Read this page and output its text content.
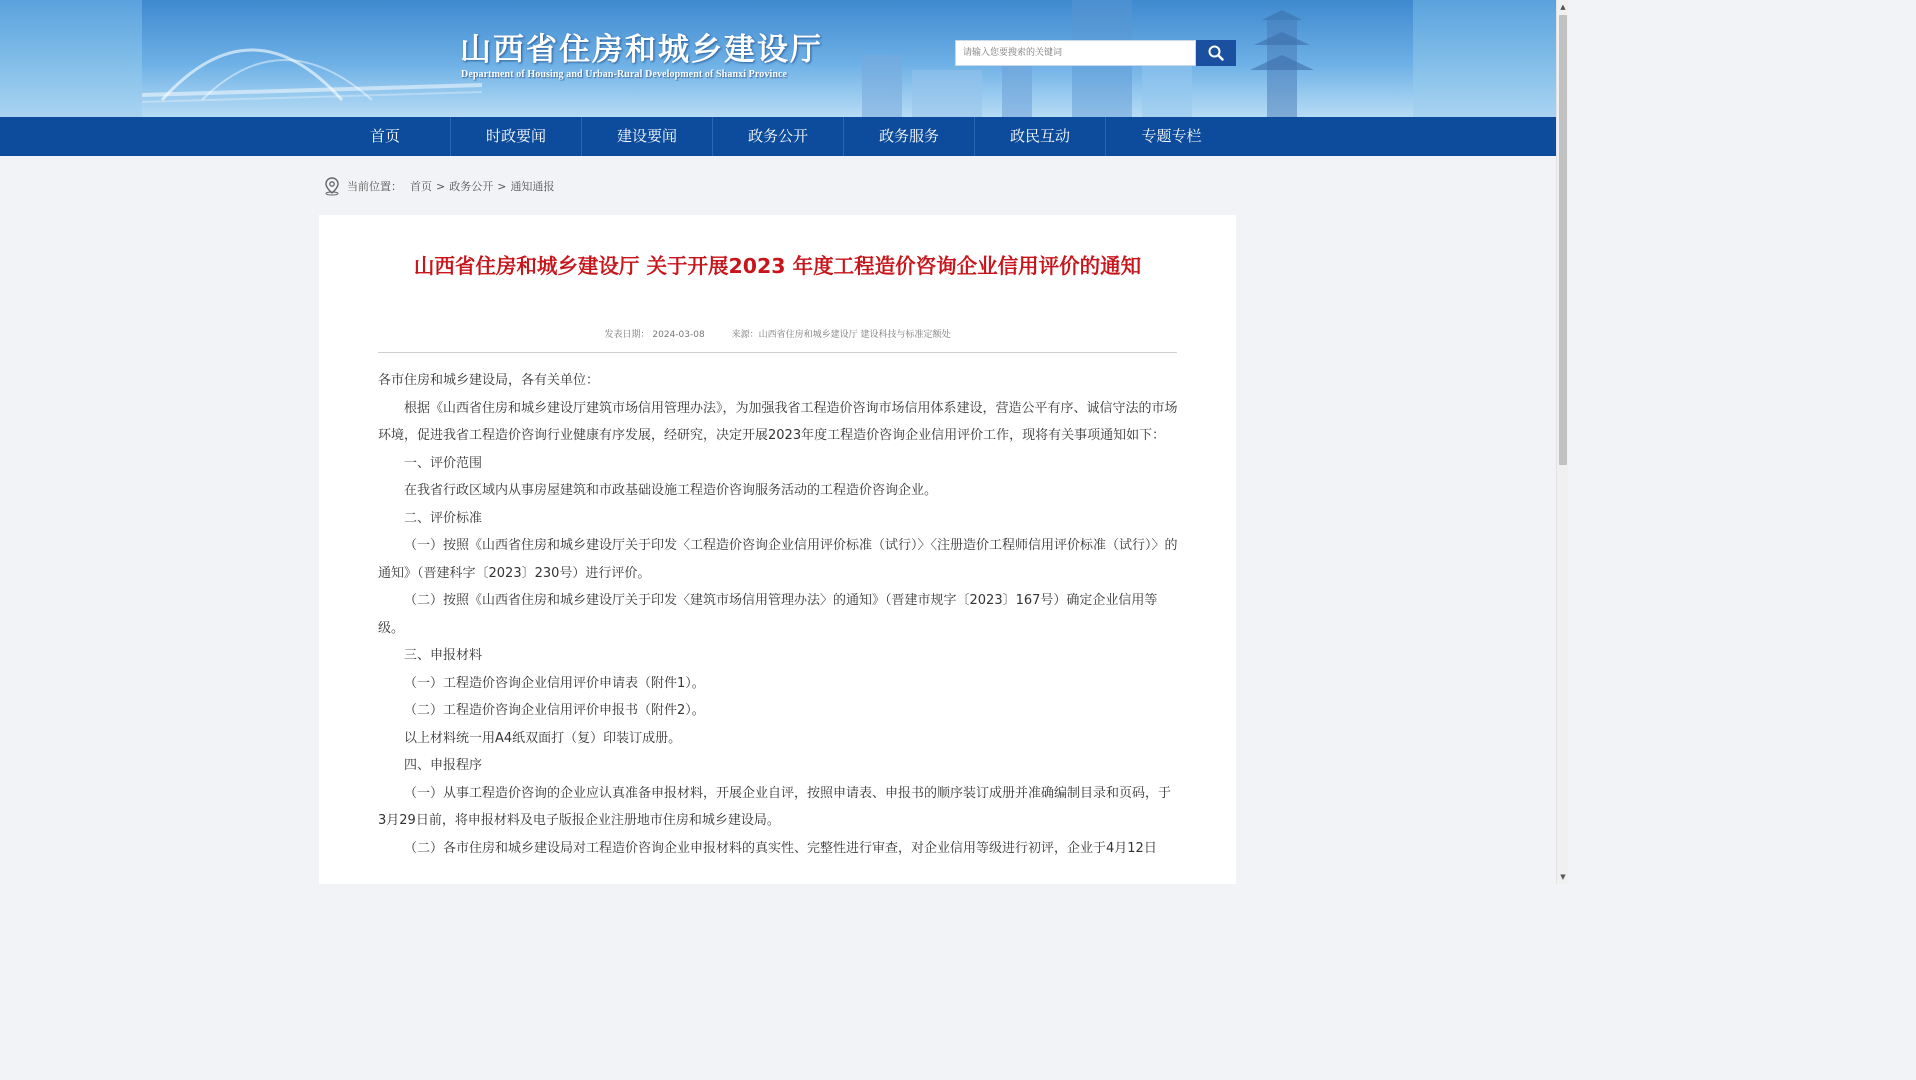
山西省住房和城乡建设厅
Department of Housing and Urban-Rural Development of Shanxi Province
请输入您要搜索的关键词
首页	时政要闻	建设要闻	政务公开	政务服务	政民互动	专题专栏
当前位置： 首页 > 政务公开 > 通知通报
山西省住房和城乡建设厅 关于开展2023 年度工程造价咨询企业信用评价的通知
发表日期： 2024-03-08	来源：山西省住房和城乡建设厅 建设科技与标准定额处

各市住房和城乡建设局，各有关单位：

根据《山西省住房和城乡建设厅建筑市场信用管理办法》，为加强我省工程造价咨询市场信用体系建设，营造公平有序、诚信守法的市场环境，促进我省工程造价咨询行业健康有序发展，经研究，决定开展2023年度工程造价咨询企业信用评价工作，现将有关事项通知如下：

一、评价范围

在我省行政区域内从事房屋建筑和市政基础设施工程造价咨询服务活动的工程造价咨询企业。

二、评价标准

（一）按照《山西省住房和城乡建设厅关于印发〈工程造价咨询企业信用评价标准（试行）〉〈注册造价工程师信用评价标准（试行）〉的通知》（晋建科字〔2023〕230号）进行评价。

（二）按照《山西省住房和城乡建设厅关于印发〈建筑市场信用管理办法〉的通知》（晋建市规字〔2023〕167号）确定企业信用等级。

三、申报材料

（一）工程造价咨询企业信用评价申请表（附件1）。

（二）工程造价咨询企业信用评价申报书（附件2）。

以上材料统一用A4纸双面打（复）印装订成册。

四、申报程序

（一）从事工程造价咨询的企业应认真准备申报材料，开展企业自评，按照申请表、申报书的顺序装订成册并准确编制目录和页码，于3月29日前，将申报材料及电子版报企业注册地市住房和城乡建设局。

（二）各市住房和城乡建设局对工程造价咨询企业申报材料的真实性、完整性进行审查，对企业信用等级进行初评，企业于4月12日

▲
▼
